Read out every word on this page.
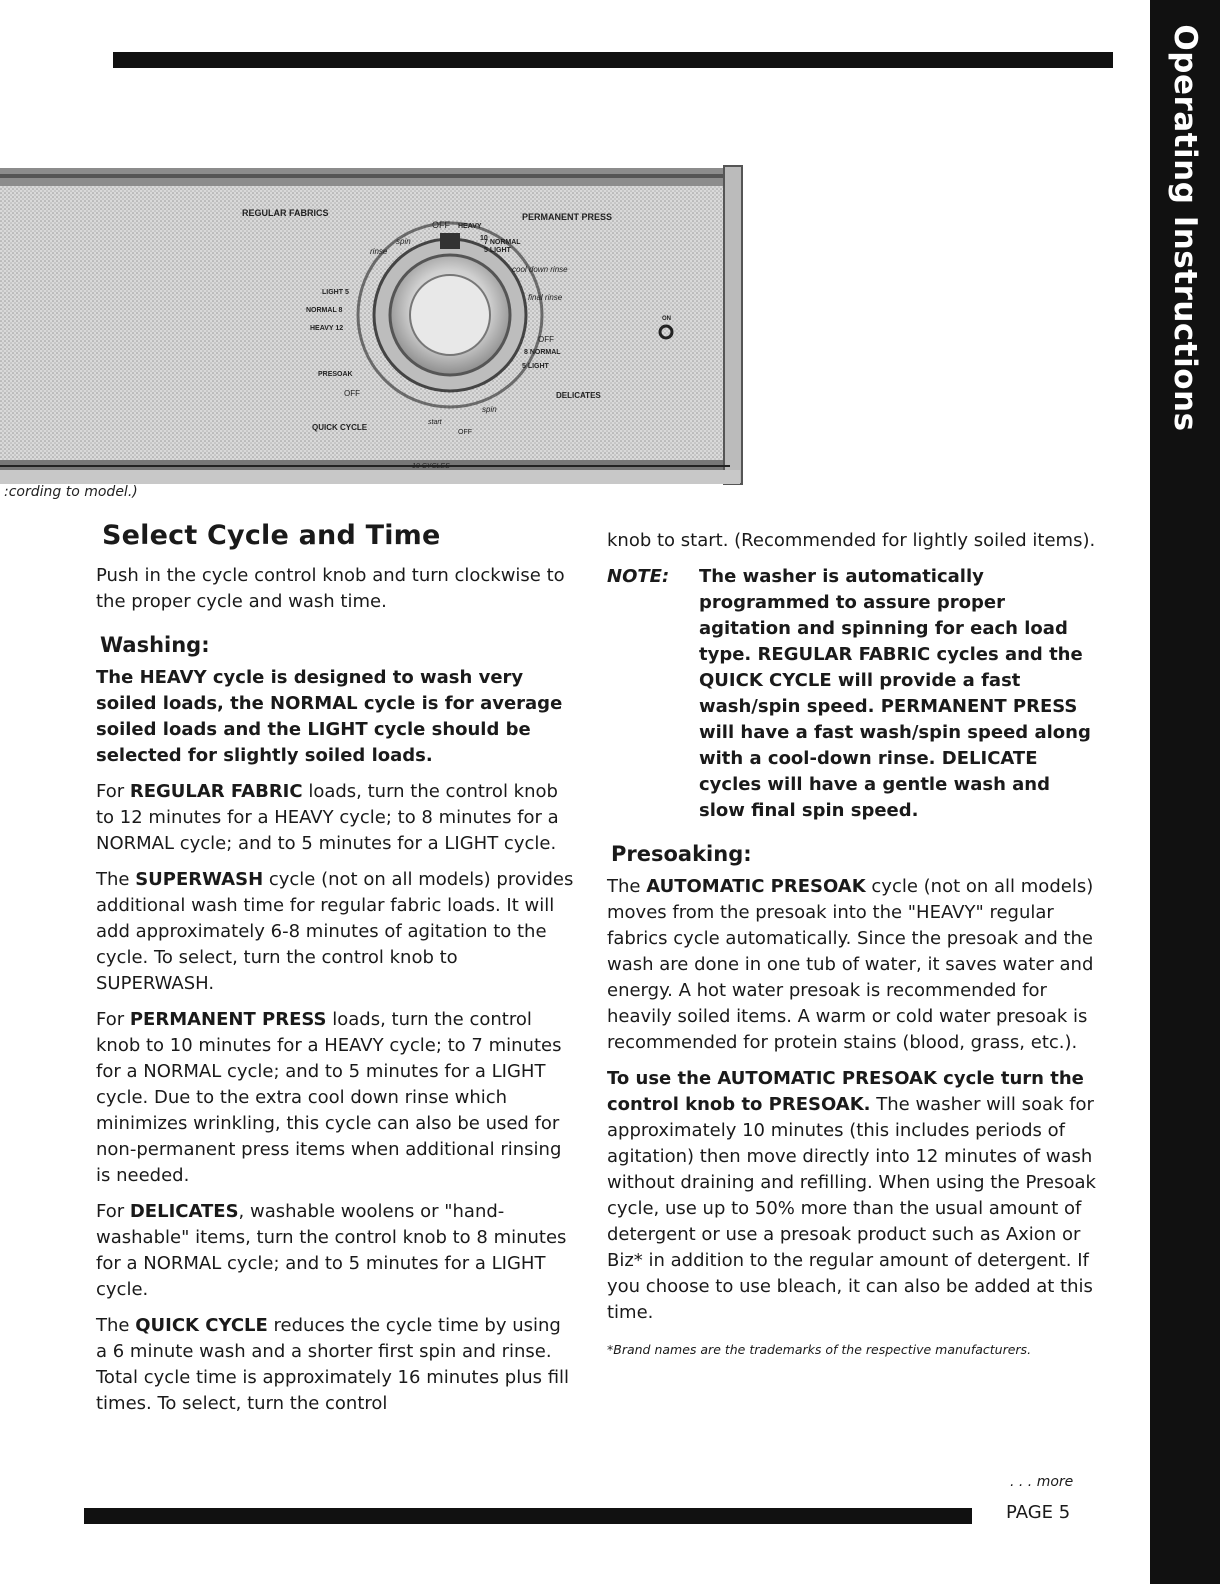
Operating Instructions
REGULAR FABRICS	PERMANENT PRESS
OFF HEAVY
10
7 NORMAL
5 LIGHT
spin
rinse
cool down rinse
final rinse
LIGHT 5
NORMAL 8
HEAVY 12
PRESOAK
OFF
QUICK CYCLE
start
spin
OFF
OFF
8 NORMAL
5 LIGHT
DELICATES
ON
10 CYCLES
:cording to model.)
Select Cycle and Time

Push in the cycle control knob and turn clockwise to the proper cycle and wash time.

Washing:

The HEAVY cycle is designed to wash very soiled loads, the NORMAL cycle is for average soiled loads and the LIGHT cycle should be selected for slightly soiled loads.

For REGULAR FABRIC loads, turn the control knob to 12 minutes for a HEAVY cycle; to 8 minutes for a NORMAL cycle; and to 5 minutes for a LIGHT cycle.

The SUPERWASH cycle (not on all models) provides additional wash time for regular fabric loads. It will add approximately 6-8 minutes of agitation to the cycle. To select, turn the control knob to SUPERWASH.

For PERMANENT PRESS loads, turn the control knob to 10 minutes for a HEAVY cycle; to 7 minutes for a NORMAL cycle; and to 5 minutes for a LIGHT cycle. Due to the extra cool down rinse which minimizes wrinkling, this cycle can also be used for non-permanent press items when additional rinsing is needed.

For DELICATES, washable woolens or "hand-washable" items, turn the control knob to 8 minutes for a NORMAL cycle; and to 5 minutes for a LIGHT cycle.

The QUICK CYCLE reduces the cycle time by using a 6 minute wash and a shorter first spin and rinse. Total cycle time is approximately 16 minutes plus fill times. To select, turn the control

knob to start. (Recommended for lightly soiled items).

NOTE:	The washer is automatically programmed to assure proper agitation and spinning for each load type. REGULAR FABRIC cycles and the QUICK CYCLE will provide a fast wash/spin speed. PERMANENT PRESS will have a fast wash/spin speed along with a cool-down rinse. DELICATE cycles will have a gentle wash and slow final spin speed.
Presoaking:

The AUTOMATIC PRESOAK cycle (not on all models) moves from the presoak into the "HEAVY" regular fabrics cycle automatically. Since the presoak and the wash are done in one tub of water, it saves water and energy. A hot water presoak is recommended for heavily soiled items. A warm or cold water presoak is recommended for protein stains (blood, grass, etc.).

To use the AUTOMATIC PRESOAK cycle turn the control knob to PRESOAK. The washer will soak for approximately 10 minutes (this includes periods of agitation) then move directly into 12 minutes of wash without draining and refilling. When using the Presoak cycle, use up to 50% more than the usual amount of detergent or use a presoak product such as Axion or Biz* in addition to the regular amount of detergent. If you choose to use bleach, it can also be added at this time.

*Brand names are the trademarks of the respective manufacturers.
. . . more
PAGE 5
